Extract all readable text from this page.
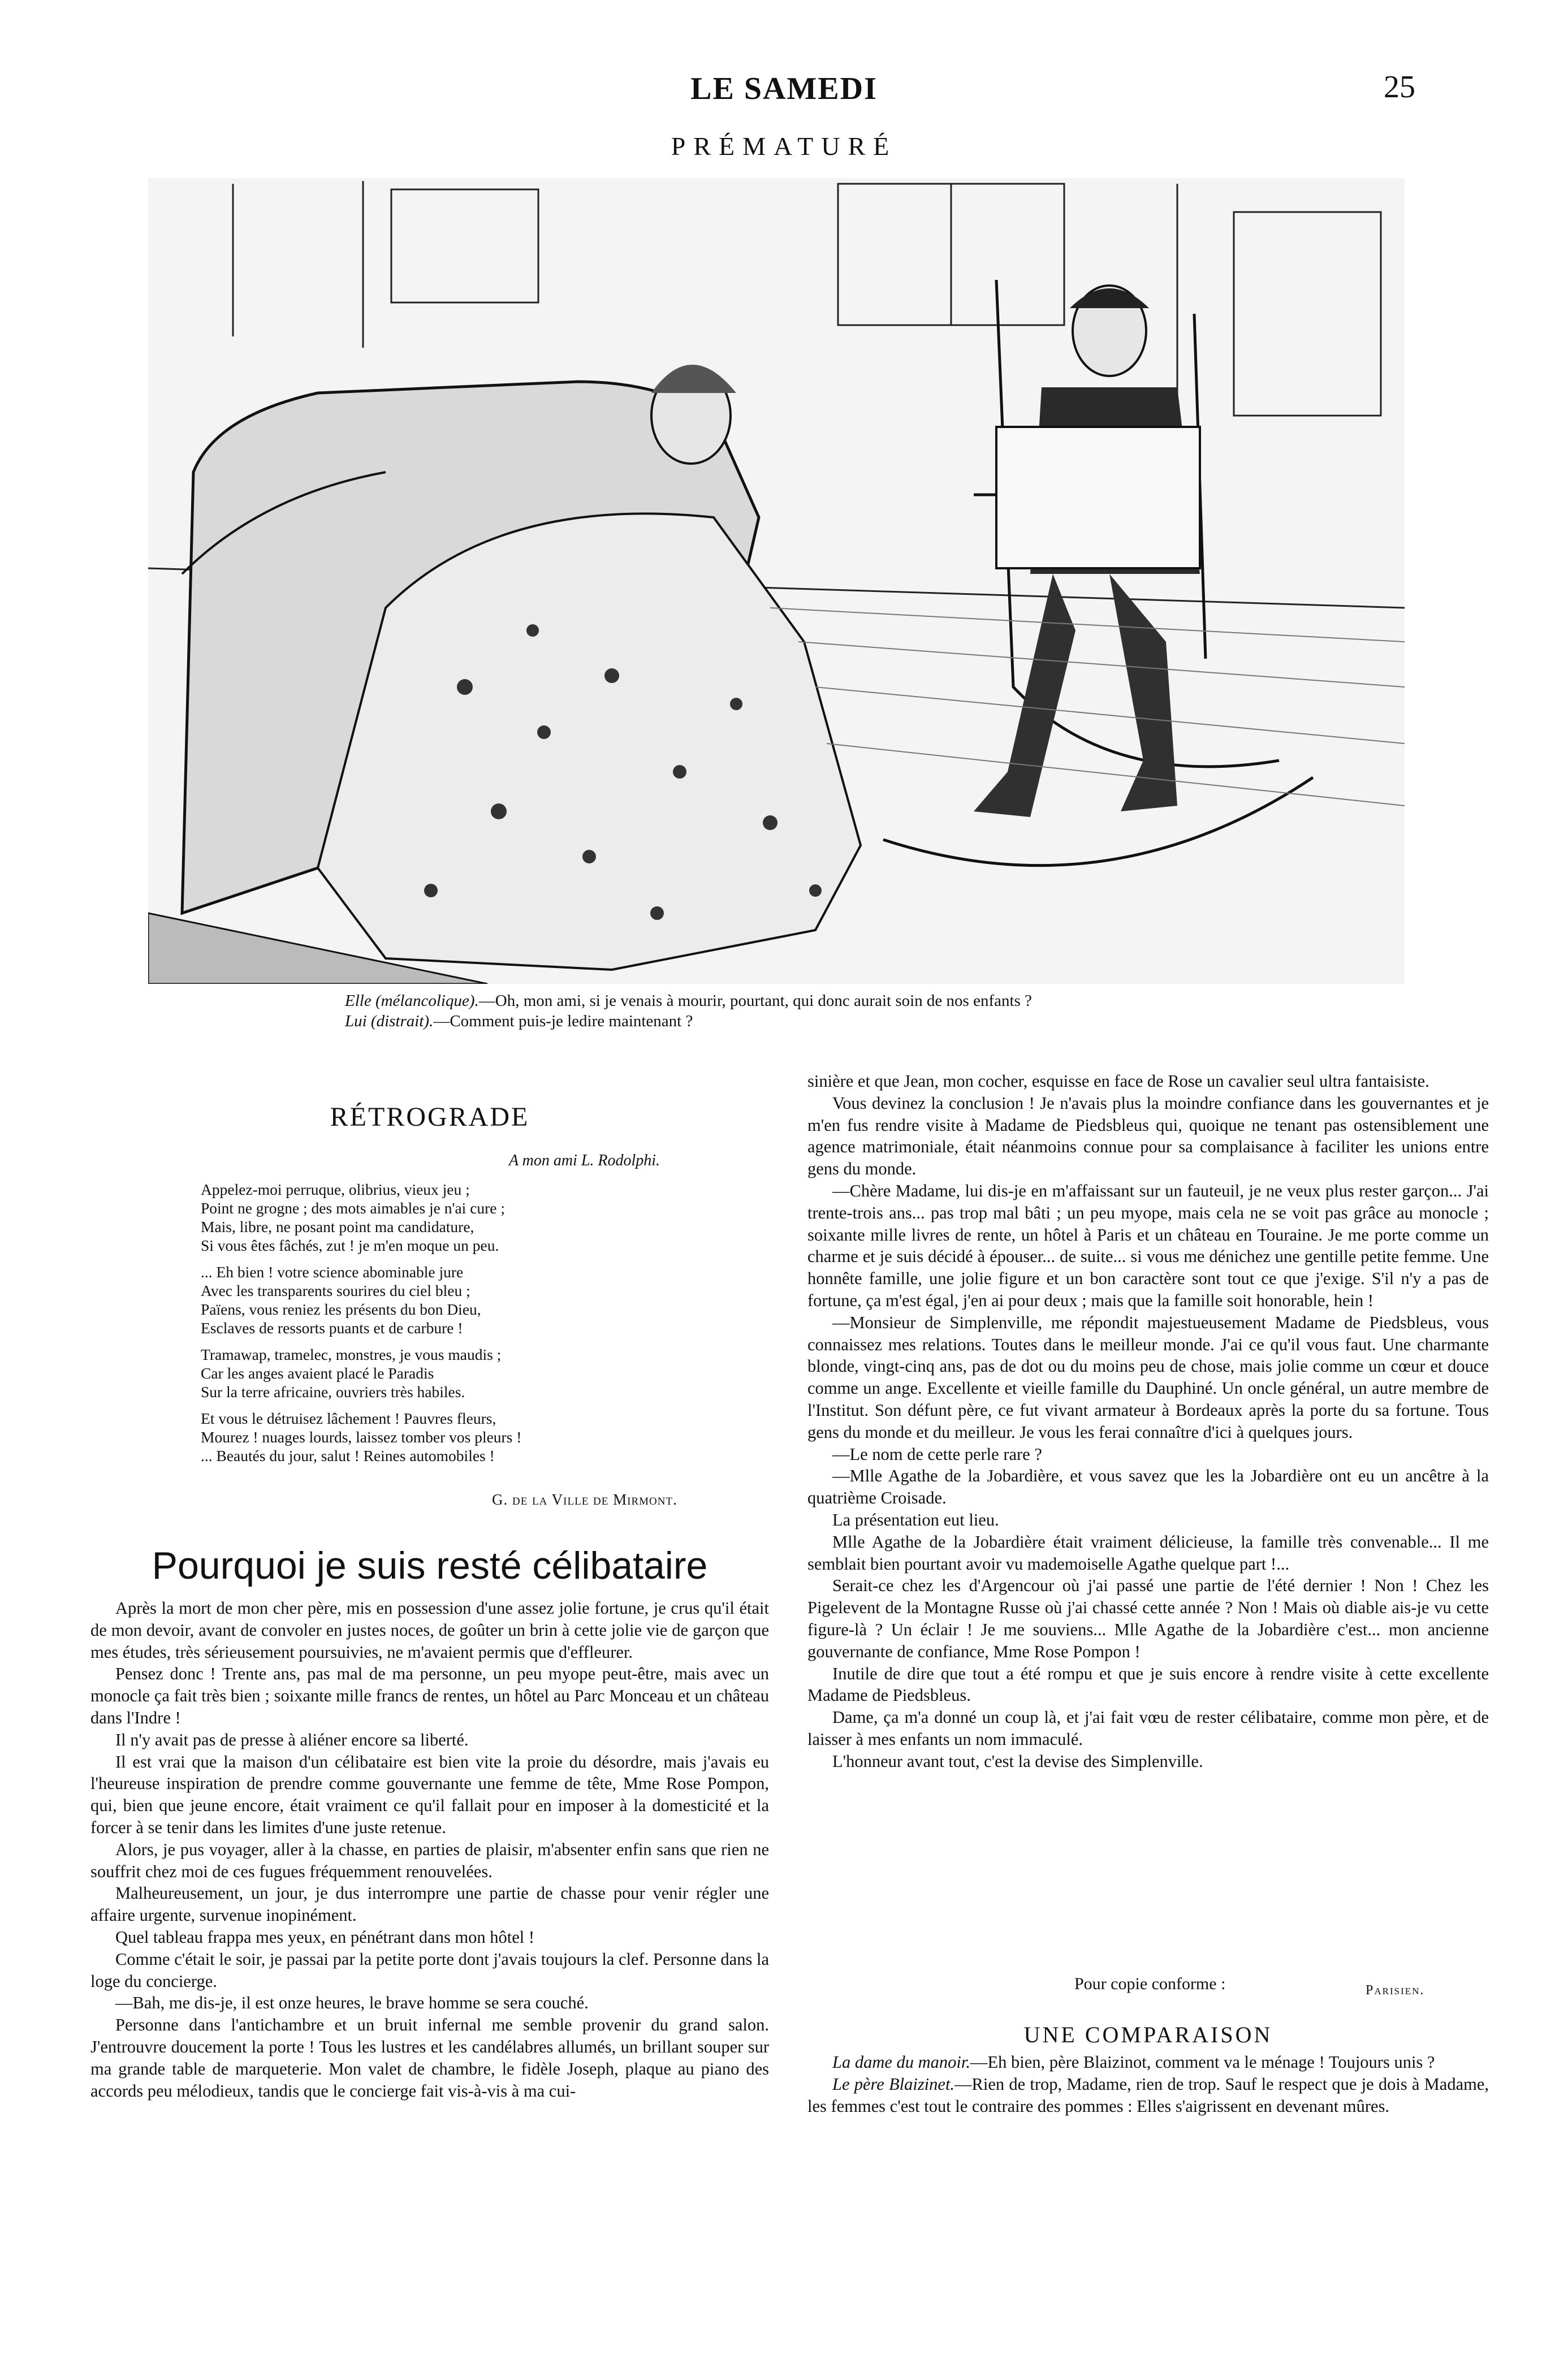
LE SAMEDI	25
PRÉMATURÉ
Elle (mélancolique).—Oh, mon ami, si je venais à mourir, pourtant, qui donc aurait soin de nos enfants ?
Lui (distrait).—Comment puis-je ledire maintenant ?
RÉTROGRADE
A mon ami L. Rodolphi.
Appelez-moi perruque, olibrius, vieux jeu ;
Point ne grogne ; des mots aimables je n'ai cure ;
Mais, libre, ne posant point ma candidature,
Si vous êtes fâchés, zut ! je m'en moque un peu.
... Eh bien ! votre science abominable jure
Avec les transparents sourires du ciel bleu ;
Païens, vous reniez les présents du bon Dieu,
Esclaves de ressorts puants et de carbure !
Tramawap, tramelec, monstres, je vous maudis ;
Car les anges avaient placé le Paradis
Sur la terre africaine, ouvriers très habiles.
Et vous le détruisez lâchement ! Pauvres fleurs,
Mourez ! nuages lourds, laissez tomber vos pleurs !
... Beautés du jour, salut ! Reines automobiles !
G. de la Ville de Mirmont.
Pourquoi je suis resté célibataire

Après la mort de mon cher père, mis en possession d'une assez jolie fortune, je crus qu'il était de mon devoir, avant de convoler en justes noces, de goûter un brin à cette jolie vie de garçon que mes études, très sérieusement poursuivies, ne m'avaient permis que d'effleurer.

Pensez donc ! Trente ans, pas mal de ma personne, un peu myope peut-être, mais avec un monocle ça fait très bien ; soixante mille francs de rentes, un hôtel au Parc Monceau et un château dans l'Indre !

Il n'y avait pas de presse à aliéner encore sa liberté.

Il est vrai que la maison d'un célibataire est bien vite la proie du désordre, mais j'avais eu l'heureuse inspiration de prendre comme gouvernante une femme de tête, Mme Rose Pompon, qui, bien que jeune encore, était vraiment ce qu'il fallait pour en imposer à la domesticité et la forcer à se tenir dans les limites d'une juste retenue.

Alors, je pus voyager, aller à la chasse, en parties de plaisir, m'absenter enfin sans que rien ne souffrit chez moi de ces fugues fréquemment renouvelées.

Malheureusement, un jour, je dus interrompre une partie de chasse pour venir régler une affaire urgente, survenue inopinément.

Quel tableau frappa mes yeux, en pénétrant dans mon hôtel !

Comme c'était le soir, je passai par la petite porte dont j'avais toujours la clef. Personne dans la loge du concierge.

—Bah, me dis-je, il est onze heures, le brave homme se sera couché.

Personne dans l'antichambre et un bruit infernal me semble provenir du grand salon. J'entrouvre doucement la porte ! Tous les lustres et les candélabres allumés, un brillant souper sur ma grande table de marqueterie. Mon valet de chambre, le fidèle Joseph, plaque au piano des accords peu mélodieux, tandis que le concierge fait vis-à-vis à ma cui-

sinière et que Jean, mon cocher, esquisse en face de Rose un cavalier seul ultra fantaisiste.

Vous devinez la conclusion ! Je n'avais plus la moindre confiance dans les gouvernantes et je m'en fus rendre visite à Madame de Piedsbleus qui, quoique ne tenant pas ostensiblement une agence matrimoniale, était néanmoins connue pour sa complaisance à faciliter les unions entre gens du monde.

—Chère Madame, lui dis-je en m'affaissant sur un fauteuil, je ne veux plus rester garçon... J'ai trente-trois ans... pas trop mal bâti ; un peu myope, mais cela ne se voit pas grâce au monocle ; soixante mille livres de rente, un hôtel à Paris et un château en Touraine. Je me porte comme un charme et je suis décidé à épouser... de suite... si vous me dénichez une gentille petite femme. Une honnête famille, une jolie figure et un bon caractère sont tout ce que j'exige. S'il n'y a pas de fortune, ça m'est égal, j'en ai pour deux ; mais que la famille soit honorable, hein !

—Monsieur de Simplenville, me répondit majestueusement Madame de Piedsbleus, vous connaissez mes relations. Toutes dans le meilleur monde. J'ai ce qu'il vous faut. Une charmante blonde, vingt-cinq ans, pas de dot ou du moins peu de chose, mais jolie comme un cœur et douce comme un ange. Excellente et vieille famille du Dauphiné. Un oncle général, un autre membre de l'Institut. Son défunt père, ce fut vivant armateur à Bordeaux après la porte du sa fortune. Tous gens du monde et du meilleur. Je vous les ferai connaître d'ici à quelques jours.

—Le nom de cette perle rare ?

—Mlle Agathe de la Jobardière, et vous savez que les la Jobardière ont eu un ancêtre à la quatrième Croisade.

La présentation eut lieu.

Mlle Agathe de la Jobardière était vraiment délicieuse, la famille très convenable... Il me semblait bien pourtant avoir vu mademoiselle Agathe quelque part !...

Serait-ce chez les d'Argencour où j'ai passé une partie de l'été dernier ! Non ! Chez les Pigelevent de la Montagne Russe où j'ai chassé cette année ? Non ! Mais où diable ais-je vu cette figure-là ? Un éclair ! Je me souviens... Mlle Agathe de la Jobardière c'est... mon ancienne gouvernante de confiance, Mme Rose Pompon !

Inutile de dire que tout a été rompu et que je suis encore à rendre visite à cette excellente Madame de Piedsbleus.

Dame, ça m'a donné un coup là, et j'ai fait vœu de rester célibataire, comme mon père, et de laisser à mes enfants un nom immaculé.

L'honneur avant tout, c'est la devise des Simplenville.

Pour copie conforme :	Parisien.
UNE COMPARAISON

La dame du manoir.—Eh bien, père Blaizinot, comment va le ménage ! Toujours unis ?

Le père Blaizinet.—Rien de trop, Madame, rien de trop. Sauf le respect que je dois à Madame, les femmes c'est tout le contraire des pommes : Elles s'aigrissent en devenant mûres.
